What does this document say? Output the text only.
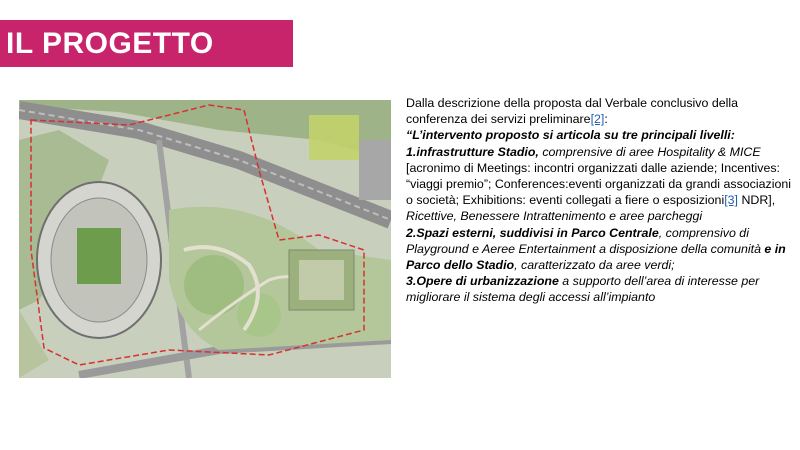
IL PROGETTO

Dalla descrizione della proposta dal Verbale conclusivo della conferenza dei servizi preliminare[2]:

“L’intervento proposto si articola su tre principali livelli:

1.infrastrutture Stadio, comprensive di aree Hospitality & MICE [acronimo di Meetings: incontri organizzati dalle aziende; Incentives: “viaggi premio”; Conferences:eventi organizzati da grandi associazioni o società; Exhibitions: eventi collegati a fiere o esposizioni[3] NDR], Ricettive, Benessere Intrattenimento e aree parcheggi

2.Spazi esterni, suddivisi in Parco Centrale, comprensivo di Playground e Aeree Entertainment a disposizione della comunità e in Parco dello Stadio, caratterizzato da aree verdi;

3.Opere di urbanizzazione a supporto dell’area di interesse per migliorare il sistema degli accessi all’impianto
